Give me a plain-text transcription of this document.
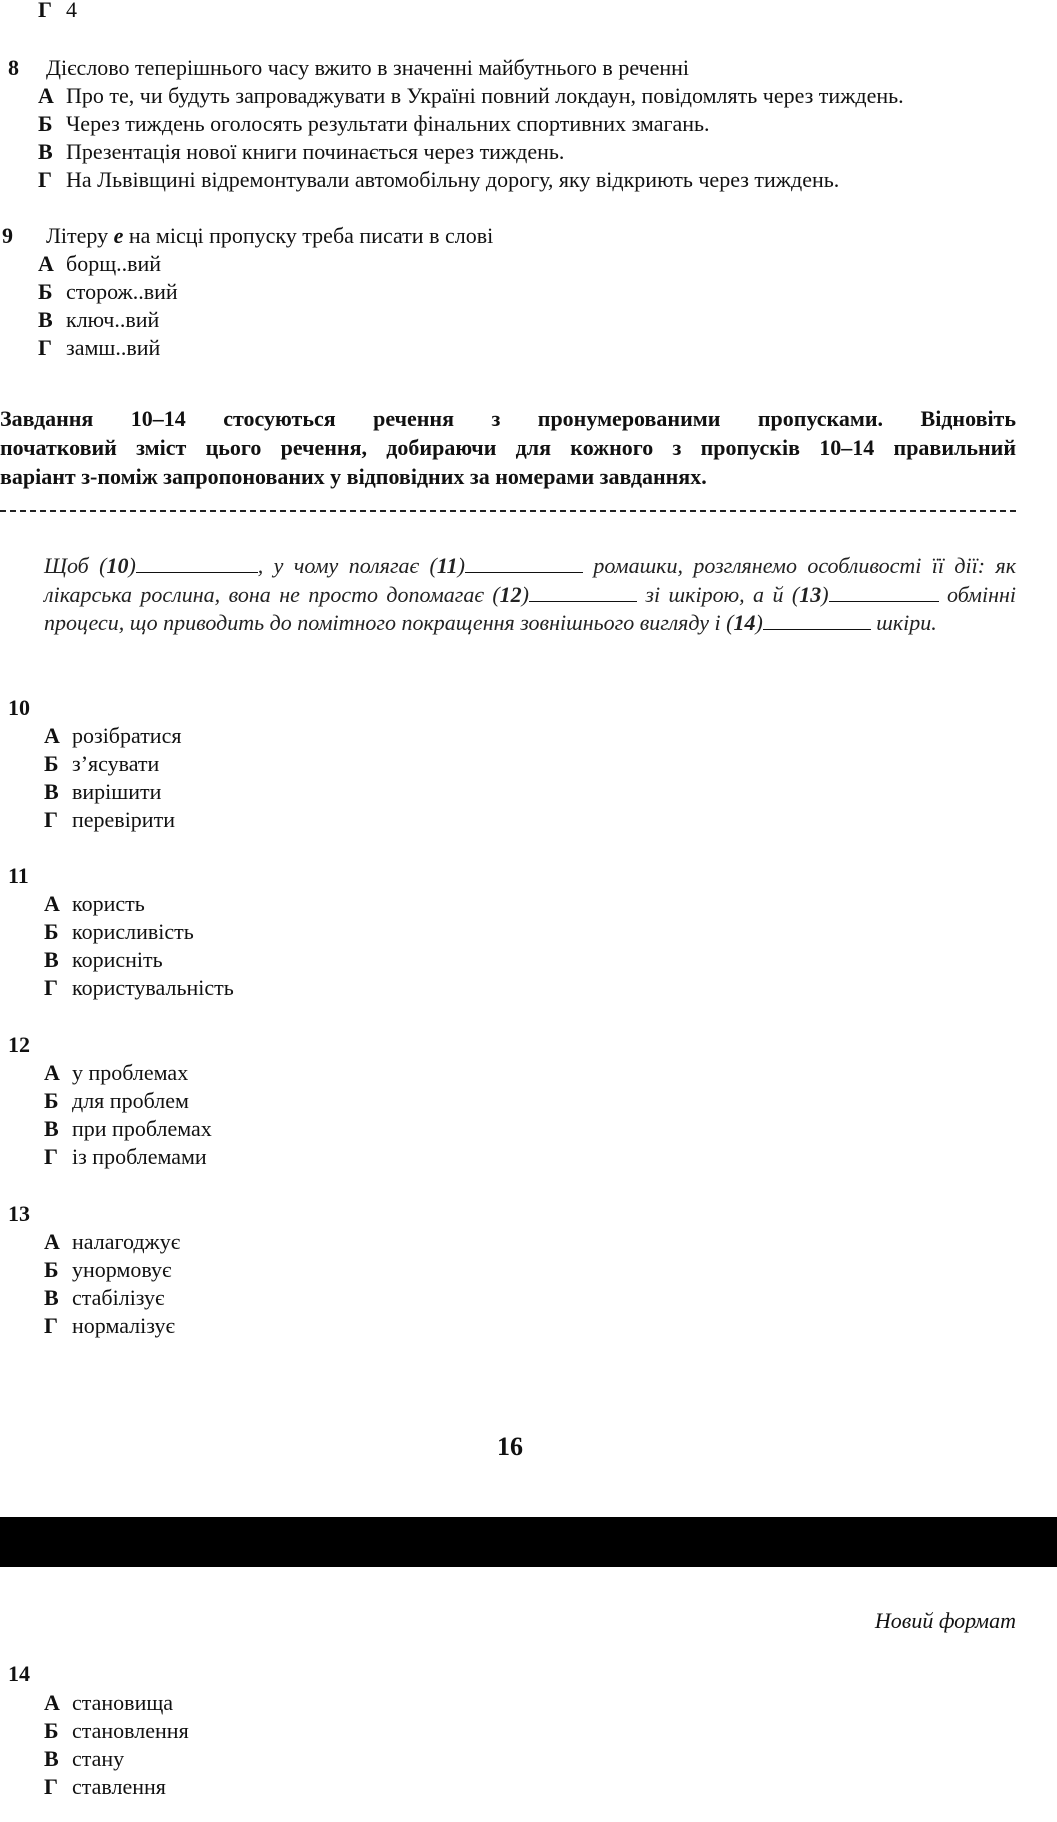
Г 4
8 Дієслово теперішнього часу вжито в значенні майбутнього в реченні
А Про те, чи будуть запроваджувати в Україні повний локдаун, повідомлять через тиждень.
Б Через тиждень оголосять результати фінальних спортивних змагань.
В Презентація нової книги починається через тиждень.
Г На Львівщині відремонтували автомобільну дорогу, яку відкриють через тиждень.
9 Літеру е на місці пропуску треба писати в слові
А борщ..вий
Б сторож..вий
В ключ..вий
Г замш..вий
Завдання 10–14 стосуються речення з пронумерованими пропусками. Відновіть
початковий зміст цього речення, добираючи для кожного з пропусків 10–14 правильний
варіант з-поміж запропонованих у відповідних за номерами завданнях.
Щоб (10)	, у чому полягає (11)	ромашки, розглянемо особливості її дії: як лікарська рослина, вона не просто допомагає (12)	зі шкірою, а й (13)	обмінні процеси, що приводить до помітного покращення зовнішнього вигляду і (14)	шкіри.
10
А розібратися
Б з’ясувати
В вирішити
Г перевірити
11
А користь
Б корисливість
В корисніть
Г користувальність
12
А у проблемах
Б для проблем
В при проблемах
Г із проблемами
13
А налагоджує
Б унормовує
В стабілізує
Г нормалізує
16
Новий формат
14
А становища
Б становлення
В стану
Г ставлення
